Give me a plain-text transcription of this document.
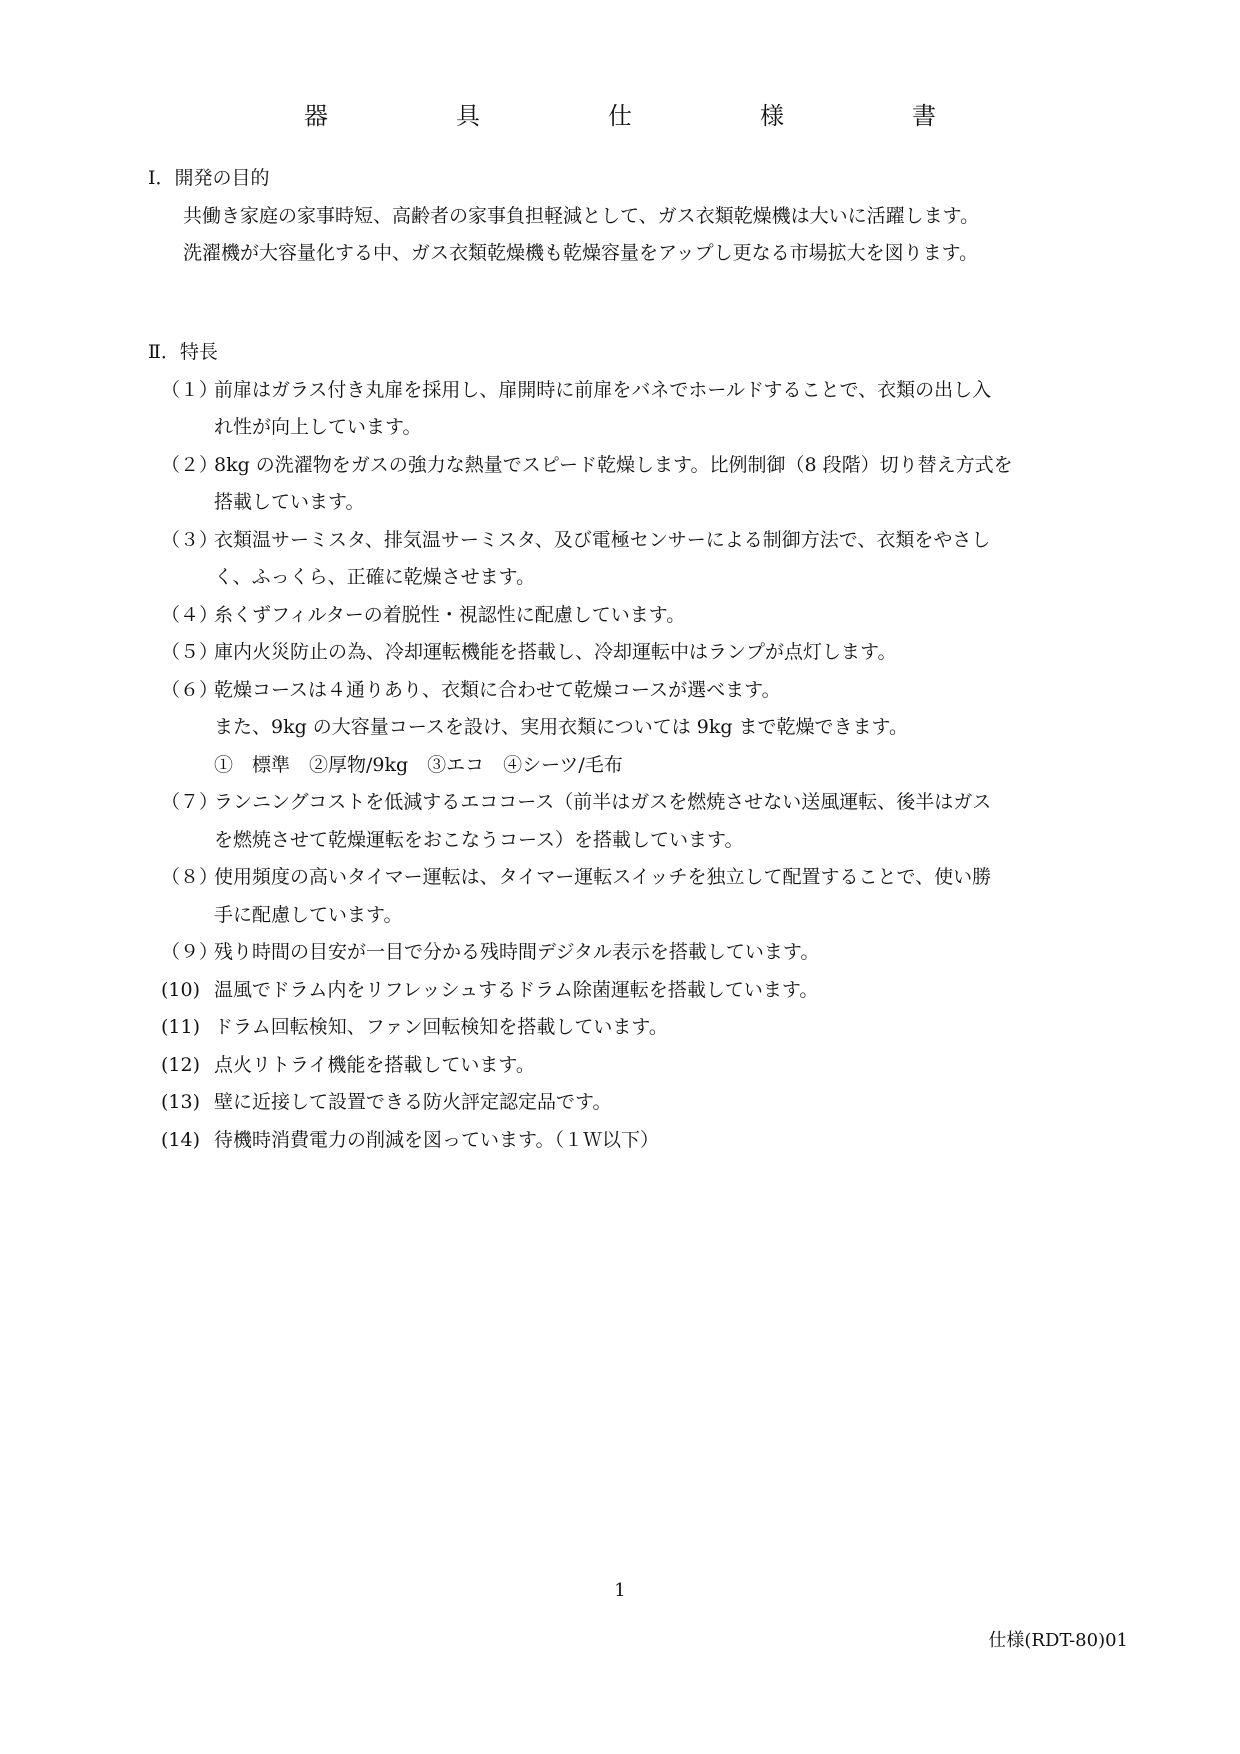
器　具　仕　様　書
Ⅰ．開発の目的
共働き家庭の家事時短、高齢者の家事負担軽減として、ガス衣類乾燥機は大いに活躍します。
洗濯機が大容量化する中、ガス衣類乾燥機も乾燥容量をアップし更なる市場拡大を図ります。
Ⅱ．特長
（１）
前扉はガラス付き丸扉を採用し、扉開時に前扉をバネでホールドすることで、衣類の出し入
れ性が向上しています。
（２）
8kg の洗濯物をガスの強力な熱量でスピード乾燥します。比例制御（8 段階）切り替え方式を
搭載しています。
（３）
衣類温サーミスタ、排気温サーミスタ、及び電極センサーによる制御方法で、衣類をやさし
く、ふっくら、正確に乾燥させます。
（４）
糸くずフィルターの着脱性・視認性に配慮しています。
（５）
庫内火災防止の為、冷却運転機能を搭載し、冷却運転中はランプが点灯します。
（６）
乾燥コースは４通りあり、衣類に合わせて乾燥コースが選べます。
また、9kg の大容量コースを設け、実用衣類については 9kg まで乾燥できます。
①　標準　②厚物/9kg　③エコ　④シーツ/毛布
（７）
ランニングコストを低減するエココース（前半はガスを燃焼させない送風運転、後半はガス
を燃焼させて乾燥運転をおこなうコース）を搭載しています。
（８）
使用頻度の高いタイマー運転は、タイマー運転スイッチを独立して配置することで、使い勝
手に配慮しています。
（９）
残り時間の目安が一目で分かる残時間デジタル表示を搭載しています。
(10) 温風でドラム内をリフレッシュするドラム除菌運転を搭載しています。
(11) ドラム回転検知、ファン回転検知を搭載しています。
(12) 点火リトライ機能を搭載しています。
(13) 壁に近接して設置できる防火評定認定品です。
(14) 待機時消費電力の削減を図っています。（１Ｗ以下）
1
仕様(RDT-80)01
